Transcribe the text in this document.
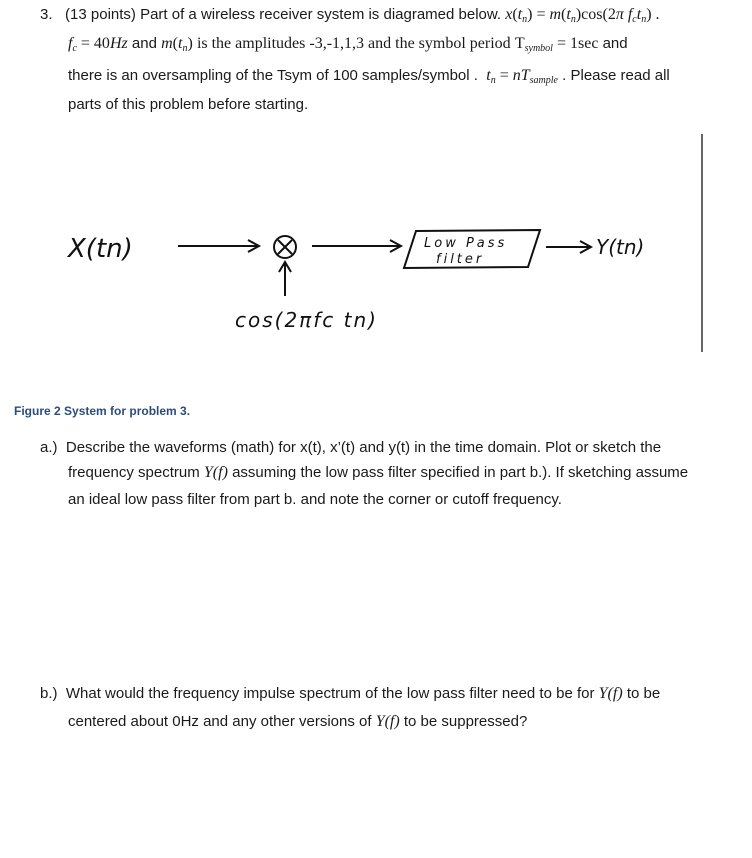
3. (13 points) Part of a wireless receiver system is diagramed below. $x(t_n) = m(t_n)\cos(2\pi$ $f_ct_n$) .
$f_c = 40Hz$ and $m(t_n)$ is the amplitudes -3,-1,1,3 and the symbol period $T_{symbol} = 1\sec$ and
there is an oversampling of the Tsym of 100 samples/symbol . $t_n = nT_{sample}$ . Please read all
parts of this problem before starting.
X(tn)
cos(2πfc tn)
Low Pass
filter
Y(tn)
Figure 2 System for problem 3.
a.) Describe the waveforms (math) for x(t), x’(t) and y(t) in the time domain. Plot or sketch the
frequency spectrum Y(f) assuming the low pass filter specified in part b.). If sketching assume
an ideal low pass filter from part b. and note the corner or cutoff frequency.
b.) What would the frequency impulse spectrum of the low pass filter need to be for Y(f) to be
centered about 0Hz and any other versions of Y(f) to be suppressed?
